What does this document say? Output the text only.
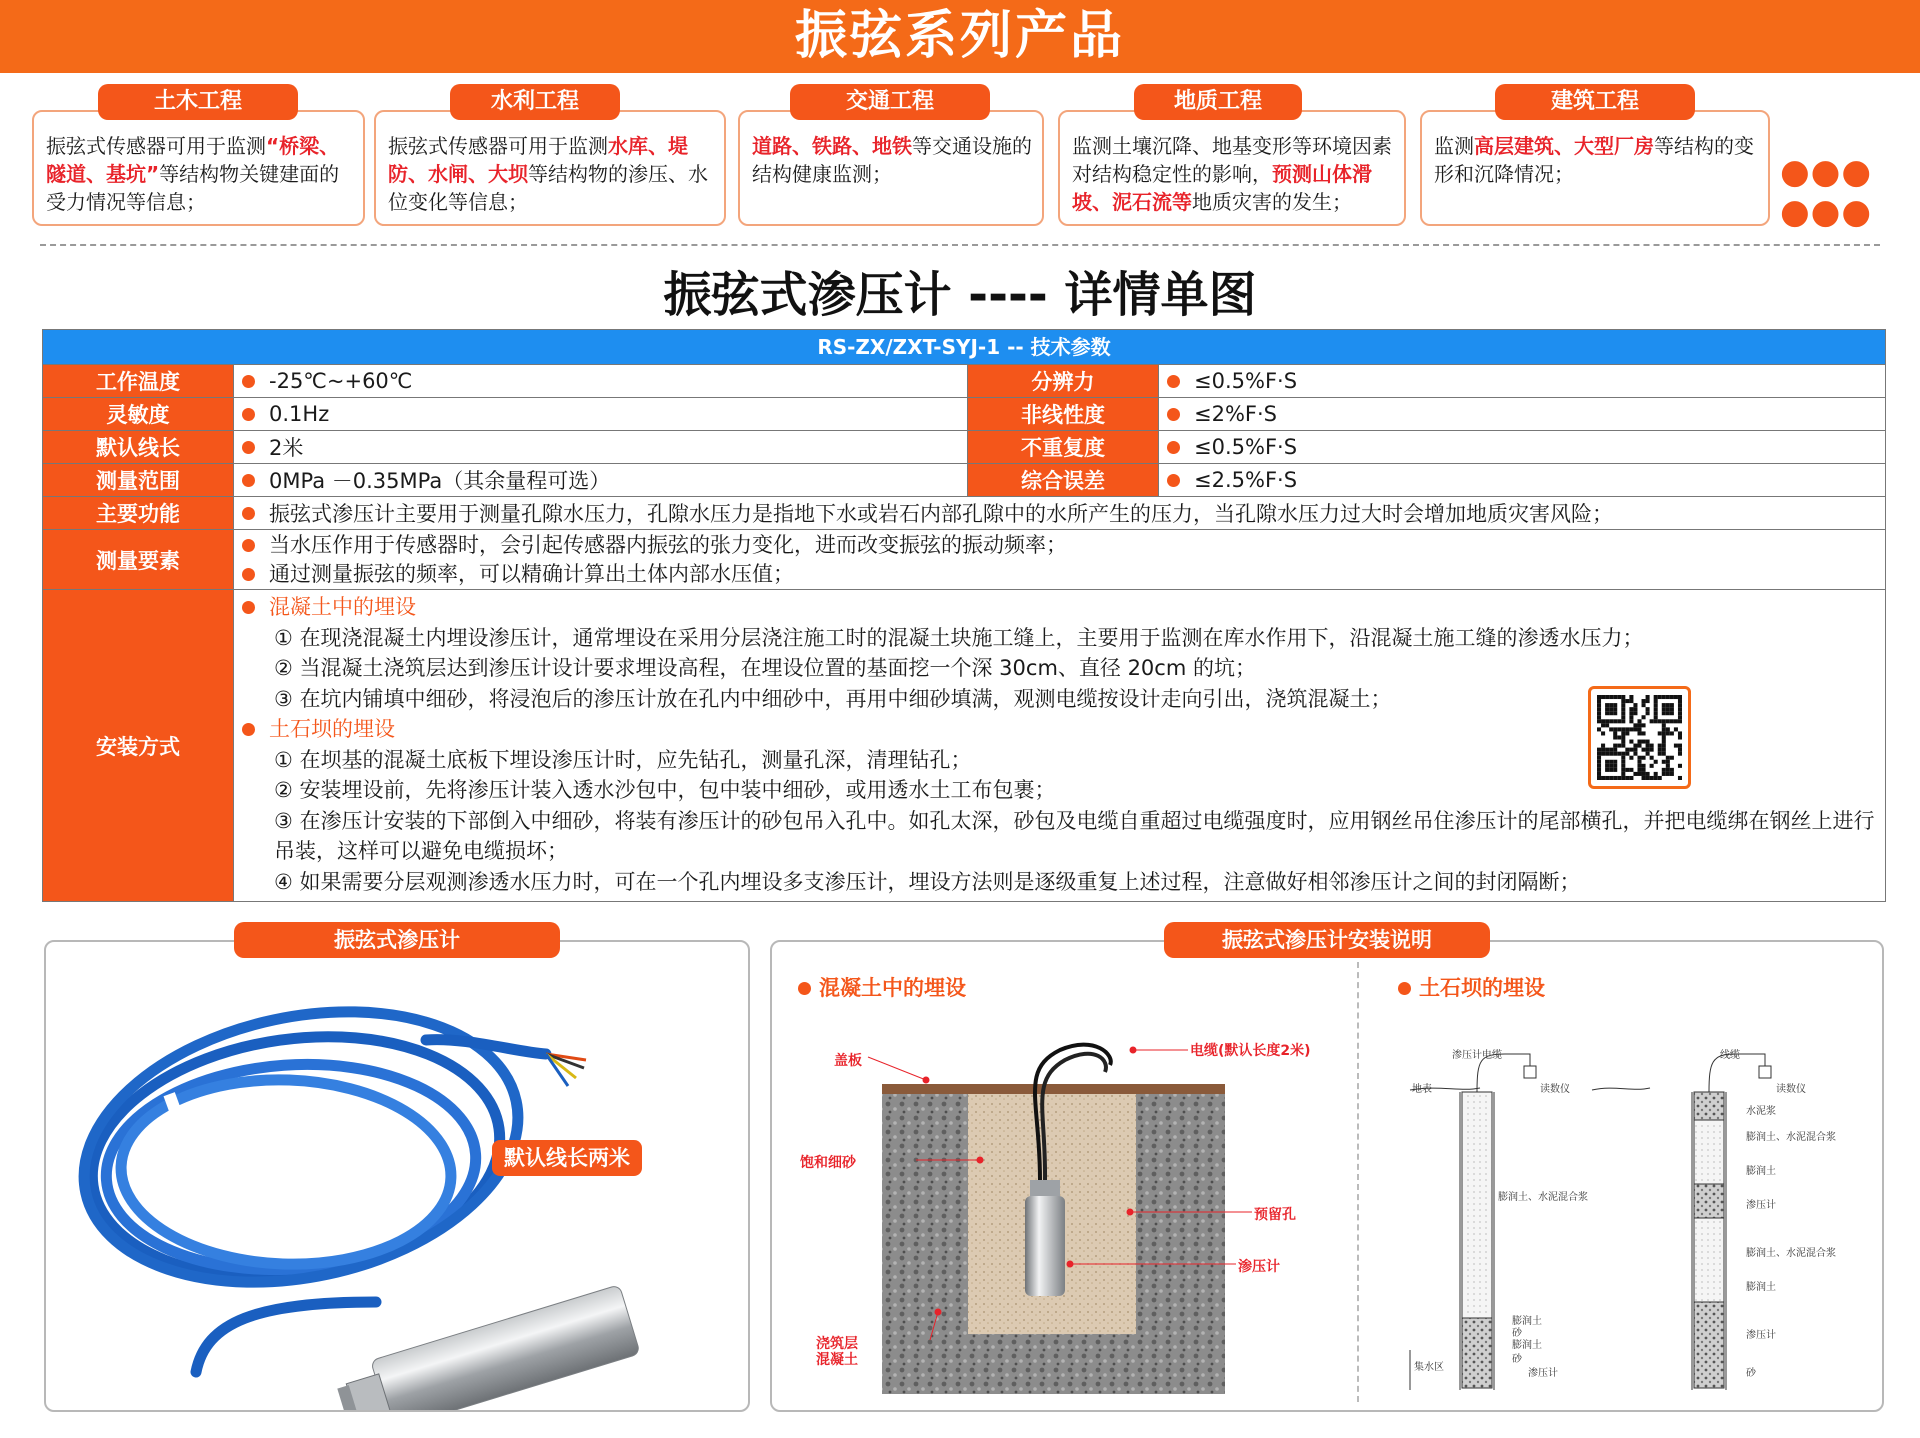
振弦系列产品
振弦式传感器可用于监测“桥梁、隧道、基坑”等结构物关键建面的受力情况等信息；
土木工程
振弦式传感器可用于监测水库、堤防、水闸、大坝等结构物的渗压、水位变化等信息；
水利工程
道路、铁路、地铁等交通设施的结构健康监测；
交通工程
监测土壤沉降、地基变形等环境因素对结构稳定性的影响，预测山体滑坡、泥石流等地质灾害的发生；
地质工程
监测高层建筑、大型厂房等结构的变形和沉降情况；
建筑工程
●●● ●●●
振弦式渗压计 ---- 详情单图
RS-ZX/ZXT-SYJ-1 -- 技术参数
工作温度	-25℃~+60℃	分辨力	≤0.5%F·S
灵敏度	0.1Hz	非线性度	≤2%F·S
默认线长	2米	不重复度	≤0.5%F·S
测量范围	0MPa －0.35MPa（其余量程可选）	综合误差	≤2.5%F·S
主要功能	振弦式渗压计主要用于测量孔隙水压力，孔隙水压力是指地下水或岩石内部孔隙中的水所产生的压力，当孔隙水压力过大时会增加地质灾害风险；
测量要素
当水压作用于传感器时，会引起传感器内振弦的张力变化，进而改变振弦的振动频率；
通过测量振弦的频率，可以精确计算出土体内部水压值；
安装方式
混凝土中的埋设
① 在现浇混凝土内埋设渗压计，通常埋设在采用分层浇注施工时的混凝土块施工缝上，主要用于监测在库水作用下，沿混凝土施工缝的渗透水压力；
② 当混凝土浇筑层达到渗压计设计要求埋设高程，在埋设位置的基面挖一个深 30cm、直径 20cm 的坑；
③ 在坑内铺填中细砂，将浸泡后的渗压计放在孔内中细砂中，再用中细砂填满，观测电缆按设计走向引出，浇筑混凝土；
土石坝的埋设
① 在坝基的混凝土底板下埋设渗压计时，应先钻孔，测量孔深，清理钻孔；
② 安装埋设前，先将渗压计装入透水沙包中，包中装中细砂，或用透水土工布包裹；
③ 在渗压计安装的下部倒入中细砂，将装有渗压计的砂包吊入孔中。如孔太深，砂包及电缆自重超过电缆强度时，应用钢丝吊住渗压计的尾部横孔，并把电缆绑在钢丝上进行吊装，这样可以避免电缆损坏；
④ 如果需要分层观测渗透水压力时，可在一个孔内埋设多支渗压计，埋设方法则是逐级重复上述过程，注意做好相邻渗压计之间的封闭隔断；
振弦式渗压计
默认线长两米
振弦式渗压计安装说明
混凝土中的埋设	土石坝的埋设
盖板
饱和细砂
电缆(默认长度2米)
预留孔
渗压计
浇筑层
混凝土
渗压计电缆
读数仪
地表
膨润土、水泥混合浆
膨润土
砂
膨润土
砂
渗压计
集水区
线缆
读数仪
水泥浆
膨润土、水泥混合浆
膨润土
渗压计
膨润土、水泥混合浆
膨润土
渗压计
砂
